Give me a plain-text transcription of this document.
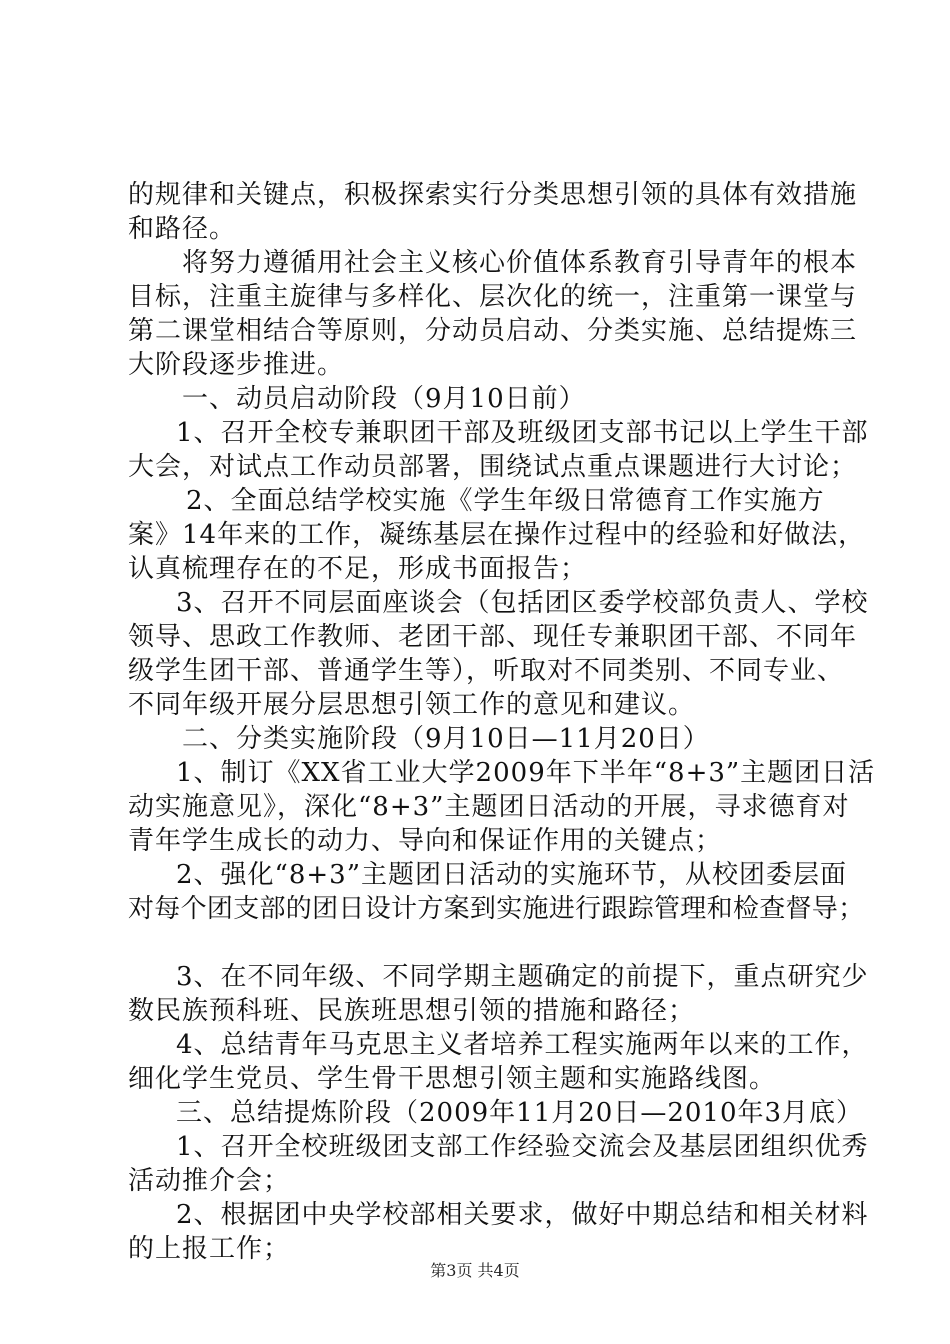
的规律和关键点，积极探索实行分类思想引领的具体有效措施
和路径。
将努力遵循用社会主义核心价值体系教育引导青年的根本
目标，注重主旋律与多样化、层次化的统一，注重第一课堂与
第二课堂相结合等原则，分动员启动、分类实施、总结提炼三
大阶段逐步推进。
一、动员启动阶段（9月10日前）
1、召开全校专兼职团干部及班级团支部书记以上学生干部
大会，对试点工作动员部署，围绕试点重点课题进行大讨论；
2、全面总结学校实施《学生年级日常德育工作实施方
案》14年来的工作，凝练基层在操作过程中的经验和好做法，
认真梳理存在的不足，形成书面报告；
3、召开不同层面座谈会（包括团区委学校部负责人、学校
领导、思政工作教师、老团干部、现任专兼职团干部、不同年
级学生团干部、普通学生等），听取对不同类别、不同专业、
不同年级开展分层思想引领工作的意见和建议。
二、分类实施阶段（9月10日—11月20日）
1、制订《XX省工业大学2009年下半年“8+3”主题团日活
动实施意见》，深化“8+3”主题团日活动的开展，寻求德育对
青年学生成长的动力、导向和保证作用的关键点；
2、强化“8+3”主题团日活动的实施环节，从校团委层面
对每个团支部的团日设计方案到实施进行跟踪管理和检查督导；
3、在不同年级、不同学期主题确定的前提下，重点研究少
数民族预科班、民族班思想引领的措施和路径；
4、总结青年马克思主义者培养工程实施两年以来的工作，
细化学生党员、学生骨干思想引领主题和实施路线图。
三、总结提炼阶段（2009年11月20日—2010年3月底）
1、召开全校班级团支部工作经验交流会及基层团组织优秀
活动推介会；
2、根据团中央学校部相关要求，做好中期总结和相关材料
的上报工作；
第3页 共4页
